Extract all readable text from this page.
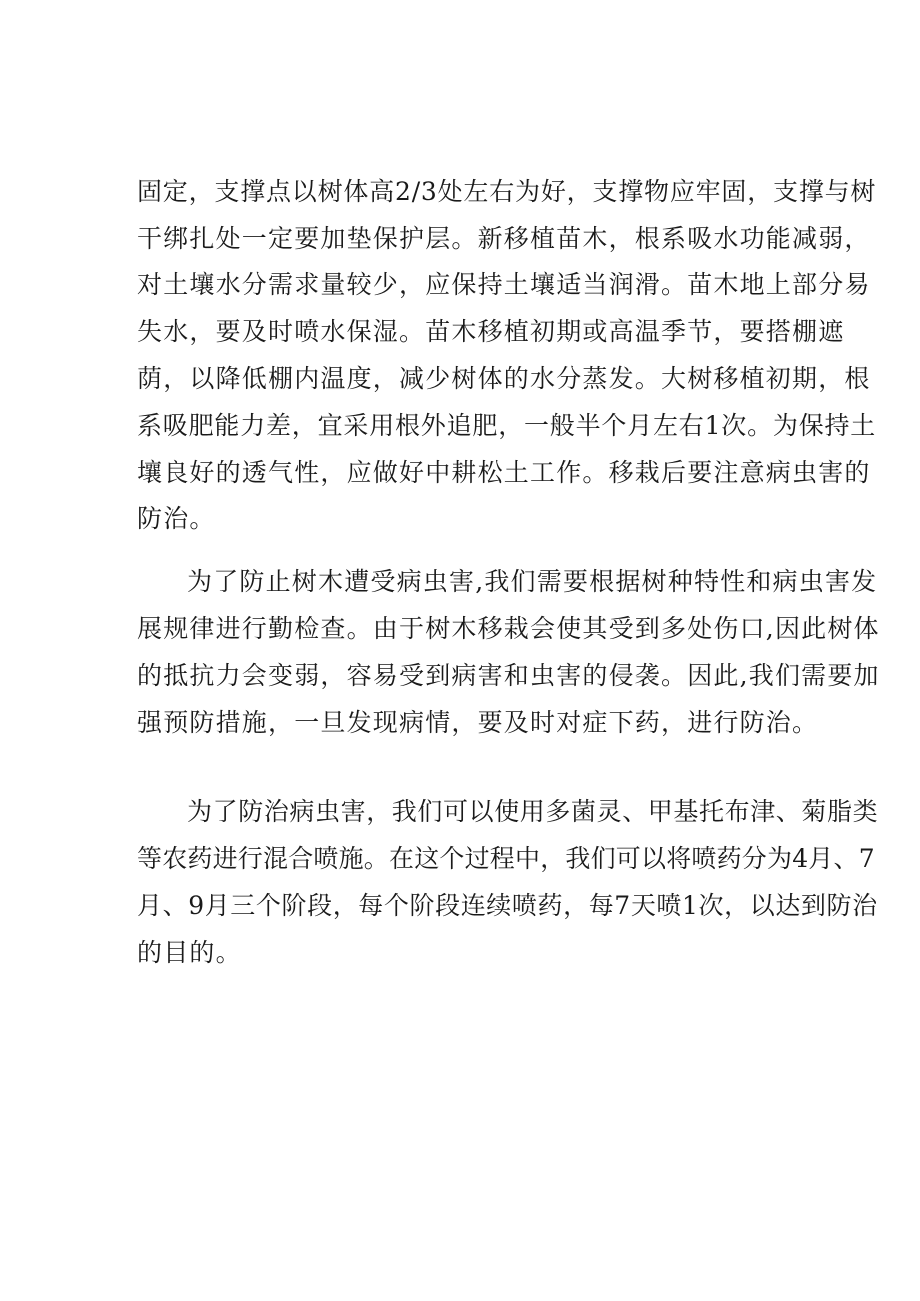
固定，支撑点以树体高2/3处左右为好，支撑物应牢固，支撑与树
干绑扎处一定要加垫保护层。新移植苗木，根系吸水功能减弱，
对土壤水分需求量较少，应保持土壤适当润滑。苗木地上部分易
失水，要及时喷水保湿。苗木移植初期或高温季节，要搭棚遮
荫，以降低棚内温度，减少树体的水分蒸发。大树移植初期，根
系吸肥能力差，宜采用根外追肥，一般半个月左右1次。为保持土
壤良好的透气性，应做好中耕松土工作。移栽后要注意病虫害的
防治。
为了防止树木遭受病虫害,我们需要根据树种特性和病虫害发
展规律进行勤检查。由于树木移栽会使其受到多处伤口,因此树体
的抵抗力会变弱，容易受到病害和虫害的侵袭。因此,我们需要加
强预防措施，一旦发现病情，要及时对症下药，进行防治。
为了防治病虫害，我们可以使用多菌灵、甲基托布津、菊脂类
等农药进行混合喷施。在这个过程中，我们可以将喷药分为4月、7
月、9月三个阶段，每个阶段连续喷药，每7天喷1次，以达到防治
的目的。
